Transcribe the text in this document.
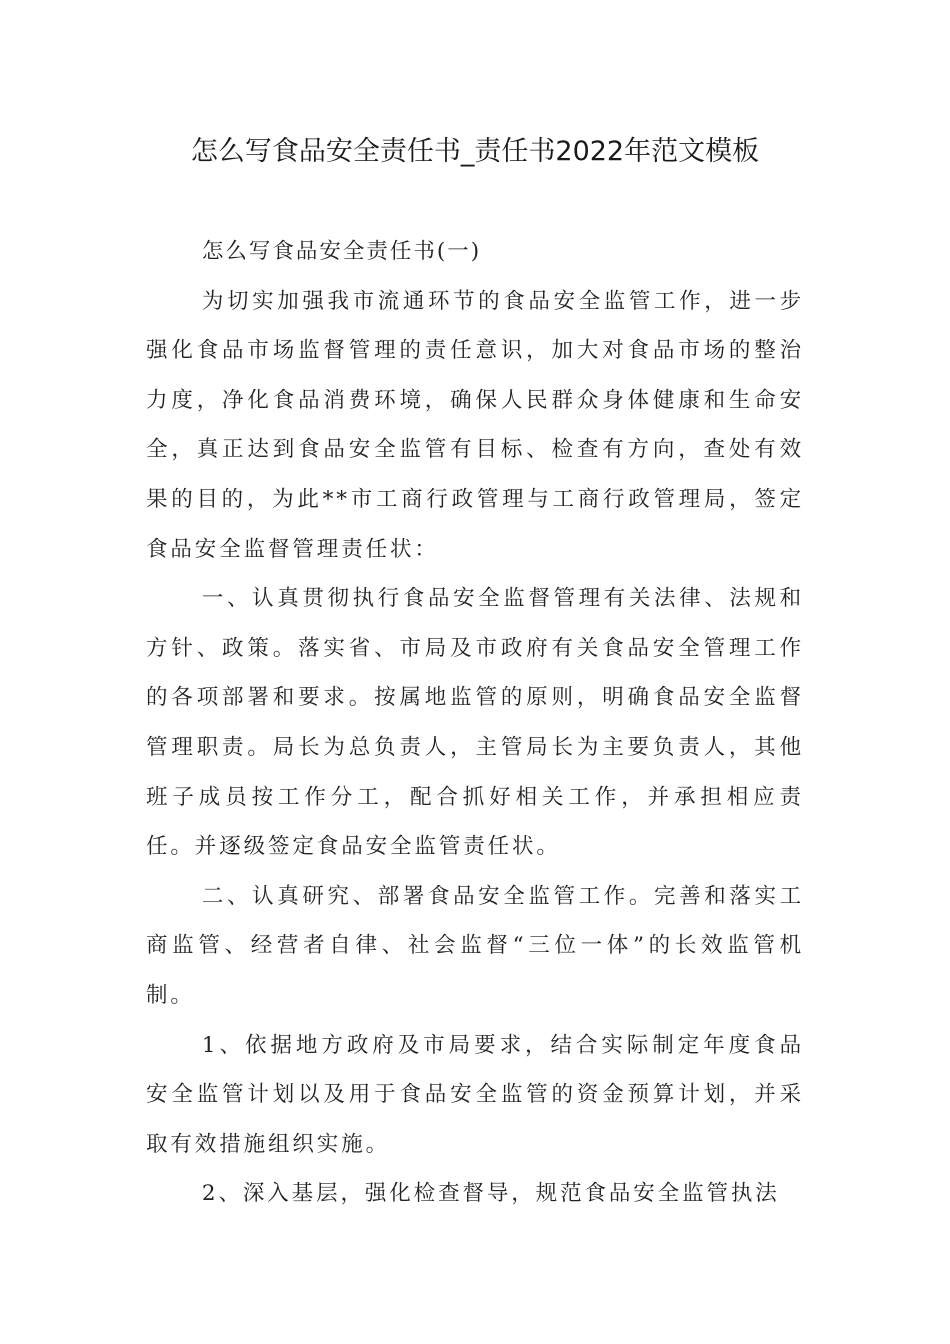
怎么写食品安全责任书_责任书2022年范文模板

怎么写食品安全责任书(一)

为切实加强我市流通环节的食品安全监管工作，进一步强化食品市场监督管理的责任意识，加大对食品市场的整治力度，净化食品消费环境，确保人民群众身体健康和生命安全，真正达到食品安全监管有目标、检查有方向，查处有效果的目的，为此**市工商行政管理与工商行政管理局，签定食品安全监督管理责任状：

一、认真贯彻执行食品安全监督管理有关法律、法规和方针、政策。落实省、市局及市政府有关食品安全管理工作的各项部署和要求。按属地监管的原则，明确食品安全监督管理职责。局长为总负责人，主管局长为主要负责人，其他班子成员按工作分工，配合抓好相关工作，并承担相应责任。并逐级签定食品安全监管责任状。

二、认真研究、部署食品安全监管工作。完善和落实工商监管、经营者自律、社会监督“三位一体”的长效监管机制。

1、依据地方政府及市局要求，结合实际制定年度食品安全监管计划以及用于食品安全监管的资金预算计划，并采取有效措施组织实施。

2、深入基层，强化检查督导，规范食品安全监管执法
